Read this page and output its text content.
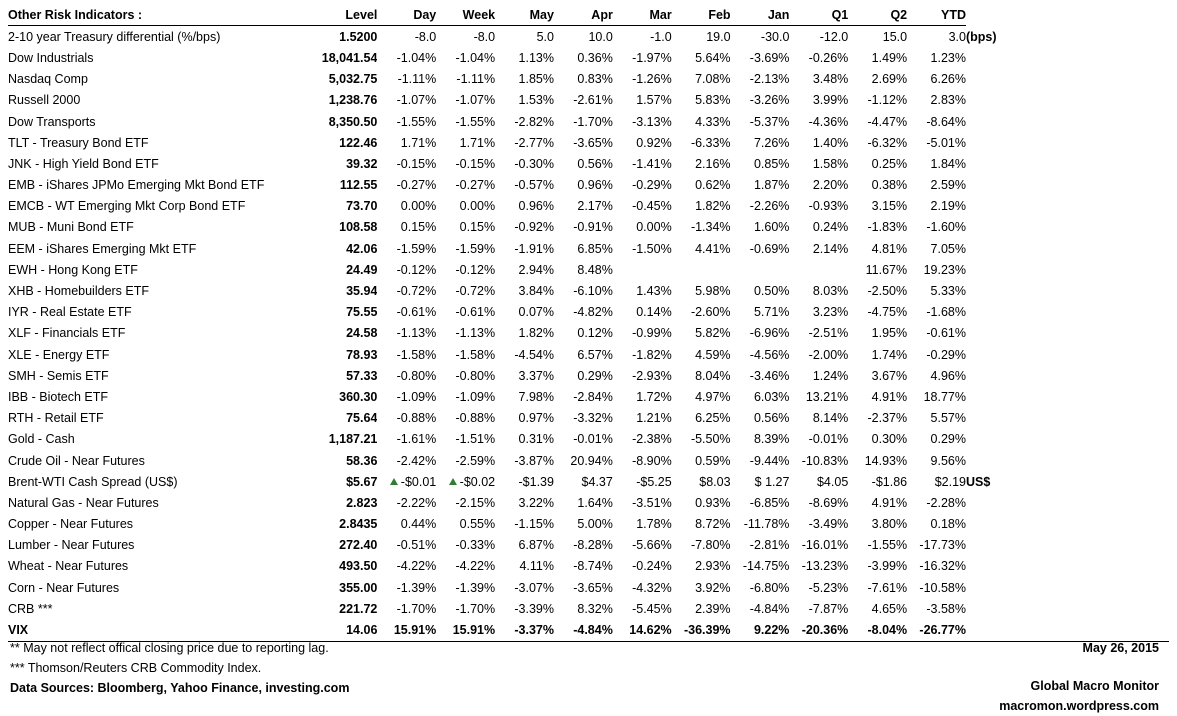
Other Risk Indicators :	Level	Day	Week	May	Apr	Mar	Feb	Jan	Q1	Q2	YTD		
2-10 year Treasury differential (%/bps)	1.5200	-8.0	-8.0	5.0	10.0	-1.0	19.0	-30.0	-12.0	15.0	3.0	(bps)	
Dow Industrials	18,041.54	-1.04%	-1.04%	1.13%	0.36%	-1.97%	5.64%	-3.69%	-0.26%	1.49%	1.23%		
Nasdaq Comp	5,032.75	-1.11%	-1.11%	1.85%	0.83%	-1.26%	7.08%	-2.13%	3.48%	2.69%	6.26%		
Russell 2000	1,238.76	-1.07%	-1.07%	1.53%	-2.61%	1.57%	5.83%	-3.26%	3.99%	-1.12%	2.83%		
Dow Transports	8,350.50	-1.55%	-1.55%	-2.82%	-1.70%	-3.13%	4.33%	-5.37%	-4.36%	-4.47%	-8.64%		
TLT - Treasury Bond ETF	122.46	1.71%	1.71%	-2.77%	-3.65%	0.92%	-6.33%	7.26%	1.40%	-6.32%	-5.01%		
JNK - High Yield Bond ETF	39.32	-0.15%	-0.15%	-0.30%	0.56%	-1.41%	2.16%	0.85%	1.58%	0.25%	1.84%		
EMB - iShares JPMo Emerging Mkt Bond ETF	112.55	-0.27%	-0.27%	-0.57%	0.96%	-0.29%	0.62%	1.87%	2.20%	0.38%	2.59%		
EMCB - WT Emerging Mkt Corp Bond ETF	73.70	0.00%	0.00%	0.96%	2.17%	-0.45%	1.82%	-2.26%	-0.93%	3.15%	2.19%		
MUB - Muni Bond ETF	108.58	0.15%	0.15%	-0.92%	-0.91%	0.00%	-1.34%	1.60%	0.24%	-1.83%	-1.60%		
EEM - iShares Emerging Mkt ETF	42.06	-1.59%	-1.59%	-1.91%	6.85%	-1.50%	4.41%	-0.69%	2.14%	4.81%	7.05%		
EWH - Hong Kong ETF	24.49	-0.12%	-0.12%	2.94%	8.48%					11.67%	19.23%		
XHB - Homebuilders ETF	35.94	-0.72%	-0.72%	3.84%	-6.10%	1.43%	5.98%	0.50%	8.03%	-2.50%	5.33%		
IYR - Real Estate ETF	75.55	-0.61%	-0.61%	0.07%	-4.82%	0.14%	-2.60%	5.71%	3.23%	-4.75%	-1.68%		
XLF - Financials ETF	24.58	-1.13%	-1.13%	1.82%	0.12%	-0.99%	5.82%	-6.96%	-2.51%	1.95%	-0.61%		
XLE - Energy ETF	78.93	-1.58%	-1.58%	-4.54%	6.57%	-1.82%	4.59%	-4.56%	-2.00%	1.74%	-0.29%		
SMH - Semis ETF	57.33	-0.80%	-0.80%	3.37%	0.29%	-2.93%	8.04%	-3.46%	1.24%	3.67%	4.96%		
IBB - Biotech ETF	360.30	-1.09%	-1.09%	7.98%	-2.84%	1.72%	4.97%	6.03%	13.21%	4.91%	18.77%		
RTH - Retail ETF	75.64	-0.88%	-0.88%	0.97%	-3.32%	1.21%	6.25%	0.56%	8.14%	-2.37%	5.57%		
Gold - Cash	1,187.21	-1.61%	-1.51%	0.31%	-0.01%	-2.38%	-5.50%	8.39%	-0.01%	0.30%	0.29%		
Crude Oil - Near Futures	58.36	-2.42%	-2.59%	-3.87%	20.94%	-8.90%	0.59%	-9.44%	-10.83%	14.93%	9.56%		
Brent-WTI Cash Spread (US$)	$5.67	-$0.01	-$0.02	-$1.39	$4.37	-$5.25	$8.03	$ 1.27	$4.05	-$1.86	$2.19	US$	
Natural Gas - Near Futures	2.823	-2.22%	-2.15%	3.22%	1.64%	-3.51%	0.93%	-6.85%	-8.69%	4.91%	-2.28%		
Copper - Near Futures	2.8435	0.44%	0.55%	-1.15%	5.00%	1.78%	8.72%	-11.78%	-3.49%	3.80%	0.18%		
Lumber - Near Futures	272.40	-0.51%	-0.33%	6.87%	-8.28%	-5.66%	-7.80%	-2.81%	-16.01%	-1.55%	-17.73%		
Wheat - Near Futures	493.50	-4.22%	-4.22%	4.11%	-8.74%	-0.24%	2.93%	-14.75%	-13.23%	-3.99%	-16.32%		
Corn - Near Futures	355.00	-1.39%	-1.39%	-3.07%	-3.65%	-4.32%	3.92%	-6.80%	-5.23%	-7.61%	-10.58%		
CRB ***	221.72	-1.70%	-1.70%	-3.39%	8.32%	-5.45%	2.39%	-4.84%	-7.87%	4.65%	-3.58%		
VIX	14.06	15.91%	15.91%	-3.37%	-4.84%	14.62%	-36.39%	9.22%	-20.36%	-8.04%	-26.77%		
** May not reflect offical closing price due to reporting lag.
*** Thomson/Reuters CRB Commodity Index.
Data Sources: Bloomberg, Yahoo Finance, investing.com
May 26, 2015
Global Macro Monitor
macromon.wordpress.com
